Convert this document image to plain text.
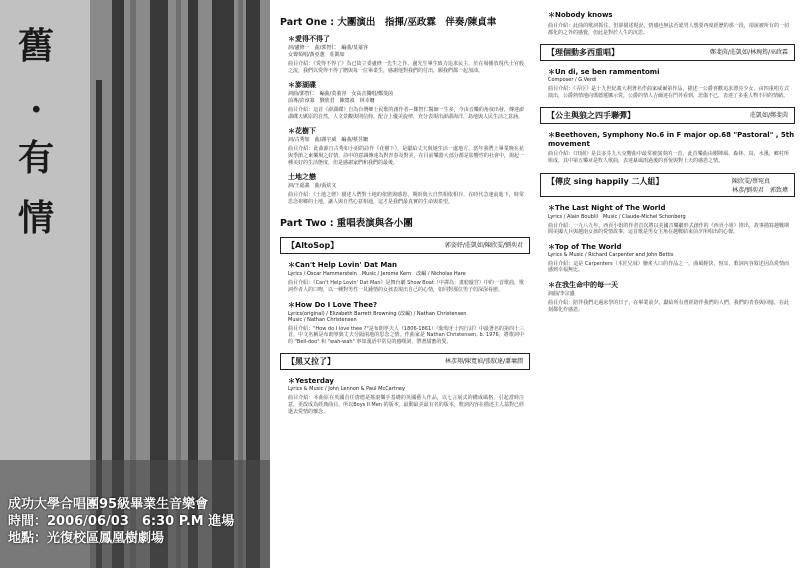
舊
·
有
情
成功大學合唱團95級畢業生音樂會
時間：2006/06/03　6:30 P.M 進場
地點：光復校區鳳凰樹劇場
Part One : 大團演出　指揮/巫政霖　伴奏/陳貞聿
＊愛得不得了
詞/盧修一　曲/郭智仁　編曲/莫蓁容
女聲領唱/黃亞蕙　莊凱如
曲目介紹：《愛得不得了》為已故立委盧修一先生之作。盧先生畢生致力追求民主，於在場播放現代士官般之流，我們以愛得不得了贈與每一位畢業生，感謝他對我們的付出，願我們都一起加油。
＊澎湖碟
詞曲/郭智仁　編曲/莫蓁容　女高音獨唱/鄭斐茵
前導/許淳寡　劉欣君　陳寬禎　林幸姍
曲目介紹：這首《澎湖碟》自為台灣鄉土民歌的創作者—鄭智仁醫師一生多，今由音樂的角度出發，傳達澎湖碟天厲原的自然，人文景觀與則信仰，配合上優美旋律，充分表現出澎湖海洋，島地與人民生活之意涵。
＊花樹下
詞/古秀如　曲/謝宇威　編曲/蔡昱姍
曲目介紹：此曲源自古秀如小姐的詩作《花樹下》，是獻給丈夫與她生活一處地方，當年我們上畢業晚在花與季節之東樂場之好情，詩中的意識傳達為對青春及對美，在目前樂器大部分都是影響性的社會中，揚起一種美好的生活態度，但是感謝家們和我們的最後。
土地之戀
詞/王福義　曲/張炫文
曲目介紹：《土地之戀》描述人們對土地的依戀與感恩，期盼與大自然相依相存，在時代急速前進下，時常思念祖鄉的土地，讓人與自然心意相通，這才是我們最真實的生命與希望。
Part Two : 重唱表演與各小團
【AltoSop】	郭姿妤/莊凱如/陳欣雯/劉奕君
＊Can't Help Lovin' Dat Man
Lyrics / Oscar Hammerstein　Music / Jerome Kern　改編 / Nicholas Hare
曲目介紹：《Can't Help Lovin' Dat Man》是舞台劇 Show Boat（中譯為：畫舫璇宮）中的一首歌曲，歌詞作者人的口吻，以一種對男性一見鍾情的女孩表現出自己的心情，如同對那位男子的深深眷戀。
＊How Do I Love Thee?
Lyrics(original) / Elizabeth Barrett Browning (改編) / Nathan Christensen
Music / Nathan Christensen
曲目介紹："How do I love thee ?"是布朗寧夫人（1806-1861）《葡萄牙十四行詩》中最著名的第四十三首，中文名稱是布朗寧與丈夫分隔兩地的思念之情。作曲家是 Nathan Christensen, b. 1976，將歌詞中的 "Bell-doo" 和 "wah-wah" 寧如漢語中常見的感嘆詞，帶著甜蜜的愛。
【黑又拉了】	林彥翔/陳寬禎/張馭達/蕭墉潤
＊Yesterday
Lyrics & Music / John Lennon & Paul McCartney
曲目介紹：本曲原在英國首任唐德是搖滾樂手基礎的英國藝人作品，以七言展式的構成風格，引起當時注意，更改成為經典曲目。所以Boys II Men 的版本，最動最美最有名的版本，歌詞內容在描述主人翁對已經逝去愛情的懷念。
＊Nobody knows
曲目介紹：此曲的歌詞抓住，但卻描述現況，情感也無法否認男人想要再度經歷的那一段，卻說被所有的一切都化的之外的感覺，但此是對於人生的沉思。
【理個動多西重唱】	鄭斐茵/莊凱如/林琬筠/巫政霖
＊Un di, se ben rammentomi
Composer / G.Verdi
曲目介紹：《弄臣》是十九世紀義大利著名作曲家威爾第作品，描述一公爵喜歡追求漂亮少女，由四重唱方式演出，公爵熱情地向瑪德蓮娜示愛，公爵的情人吉爾達在門外看到，悲傷不已，表達了多重人物不同的情緒。
【公主與狼之四手聯彈】	莊凱如/鄭斐茵
＊Beethoven, Symphony No.6 in F major op.68 "Pastoral" , 5th movement
曲目介紹：《田園》是貝多芬九大交響曲中最常被演奏的一首，此首樂曲由樹陣風、森林、鳥、水溪、鄉村所組成，其中第五樂章是牧人歌曲，表達暴風雨過後的喜悅與對上天的感恩之情。
【傳皮 sing happily 二人組】	陳欣雯/蔡宛真
林彥/劉奕君　郭致瑋
＊The Last Night of The World
Lyrics / Alain Boublil　Music / Claude-Michel Schonberg
曲目介紹：一九八九年，西貢小姐的作者首次將以美國音樂劇形式創作的《西貢小姐》推出，故事描寫越戰期間美國大兵與越南女孩的愛情故事，這首歌是男女主角在越戰結束前夕所唱出的心聲。
＊Top of The World
Lyrics & Music / Richard Carpenter and John Bettis
曲目介紹：這是 Carpenters（木匠兄妹）膾炙人口的作品之一，曲風輕快，悅耳，歌詞內容敘述因為愛情而感到幸福無比。
＊在我生命中的每一天
詞曲/李宗盛
曲目介紹：陪伴我們走過求學的日子，在畢業前夕，獻給所有曾經陪伴我們的人們，我們的青春與回憶，在此刻都化作感恩。
